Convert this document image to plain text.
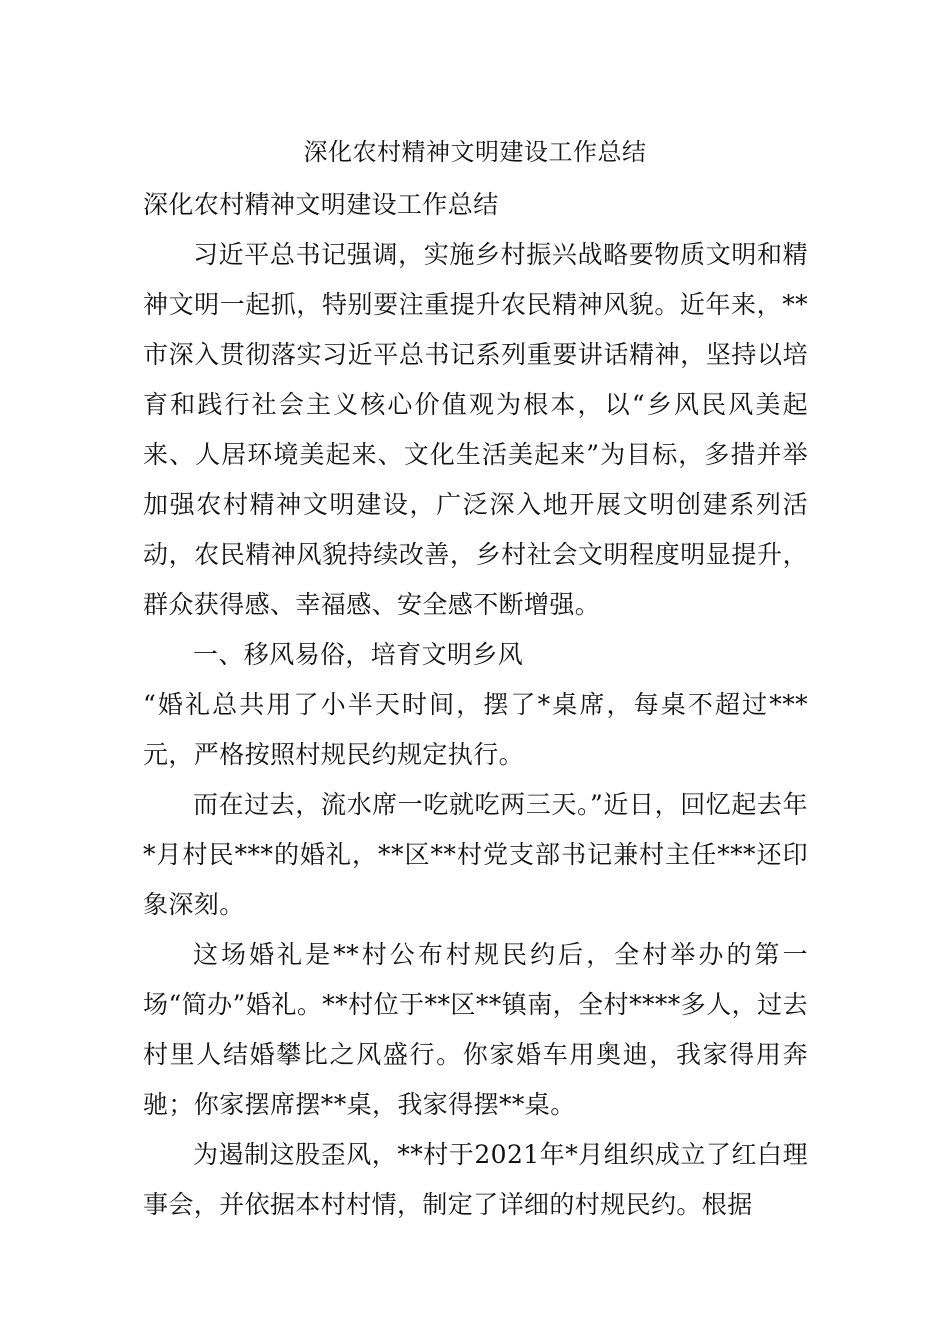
深化农村精神文明建设工作总结

深化农村精神文明建设工作总结

习近平总书记强调，实施乡村振兴战略要物质文明和精神文明一起抓，特别要注重提升农民精神风貌。近年来，**市深入贯彻落实习近平总书记系列重要讲话精神，坚持以培育和践行社会主义核心价值观为根本，以“乡风民风美起来、人居环境美起来、文化生活美起来”为目标，多措并举加强农村精神文明建设，广泛深入地开展文明创建系列活动，农民精神风貌持续改善，乡村社会文明程度明显提升，群众获得感、幸福感、安全感不断增强。

一、移风易俗，培育文明乡风

“婚礼总共用了小半天时间，摆了*桌席，每桌不超过***元，严格按照村规民约规定执行。

而在过去，流水席一吃就吃两三天。”近日，回忆起去年*月村民***的婚礼，**区**村党支部书记兼村主任***还印象深刻。

这场婚礼是**村公布村规民约后，全村举办的第一场“简办”婚礼。**村位于**区**镇南，全村****多人，过去村里人结婚攀比之风盛行。你家婚车用奥迪，我家得用奔驰；你家摆席摆**桌，我家得摆**桌。

为遏制这股歪风，**村于2021年*月组织成立了红白理事会，并依据本村村情，制定了详细的村规民约。根据
